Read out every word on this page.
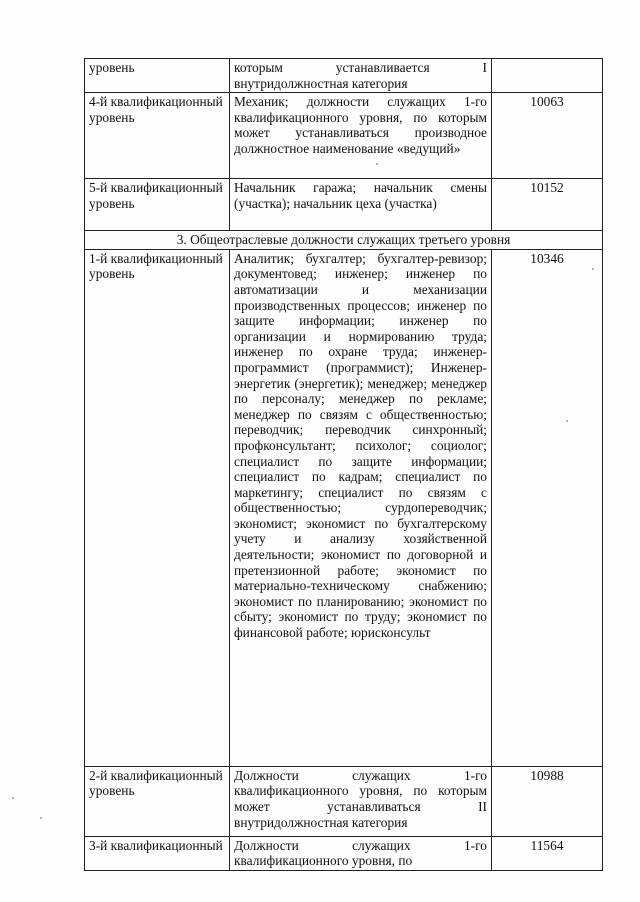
уровень	которым устанавливается I внутридолжностная категория	
4-й квалификационный уровень	Механик; должности служащих 1-го квалификационного уровня, по которым может устанавливаться производное должностное наименование «ведущий»	10063
5-й квалификационный уровень	Начальник гаража; начальник смены (участка); начальник цеха (участка)	10152
3. Общеотраслевые должности служащих третьего уровня		
1-й квалификационный уровень	Аналитик; бухгалтер; бухгалтер-ревизор; документовед; инженер; инженер по автоматизации и механизации производственных процессов; инженер по защите информации; инженер по организации и нормированию труда; инженер по охране труда; инженер-программист (программист); Инженер-энергетик (энергетик); менеджер; менеджер по персоналу; менеджер по рекламе; менеджер по связям с общественностью; переводчик; переводчик синхронный; профконсультант; психолог; социолог; специалист по защите информации; специалист по кадрам; специалист по маркетингу; специалист по связям с общественностью; сурдопереводчик; экономист; экономист по бухгалтерскому учету и анализу хозяйственной деятельности; экономист по договорной и претензионной работе; экономист по материально-техническому снабжению; экономист по планированию; экономист по сбыту; экономист по труду; экономист по финансовой работе; юрисконсульт	10346
2-й квалификационный уровень	Должности служащих 1-го квалификационного уровня, по которым может устанавливаться II внутридолжностная категория	10988
3-й квалификационный	Должности служащих 1-го квалификационного уровня, по	11564
